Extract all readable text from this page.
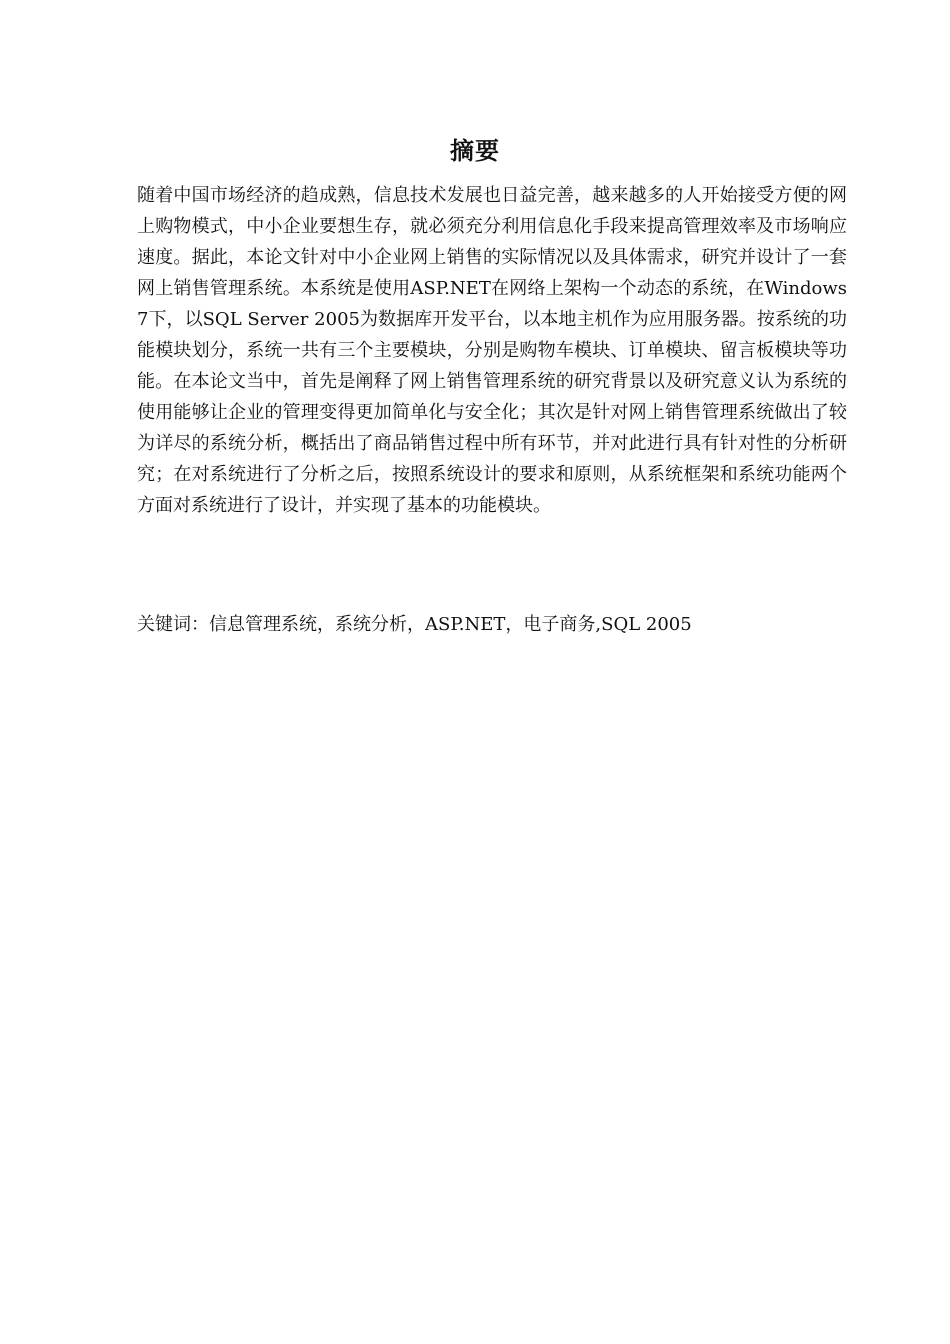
摘要

随着中国市场经济的趋成熟，信息技术发展也日益完善，越来越多的人开始接受方便的网上购物模式，中小企业要想生存，就必须充分利用信息化手段来提高管理效率及市场响应速度。据此，本论文针对中小企业网上销售的实际情况以及具体需求，研究并设计了一套网上销售管理系统。本系统是使用ASP.NET在网络上架构一个动态的系统，在Windows 7下，以SQL Server 2005为数据库开发平台，以本地主机作为应用服务器。按系统的功能模块划分，系统一共有三个主要模块，分别是购物车模块、订单模块、留言板模块等功能。在本论文当中，首先是阐释了网上销售管理系统的研究背景以及研究意义认为系统的使用能够让企业的管理变得更加简单化与安全化；其次是针对网上销售管理系统做出了较为详尽的系统分析，概括出了商品销售过程中所有环节，并对此进行具有针对性的分析研究；在对系统进行了分析之后，按照系统设计的要求和原则，从系统框架和系统功能两个方面对系统进行了设计，并实现了基本的功能模块。

关键词：信息管理系统，系统分析，ASP.NET，电子商务,SQL 2005
